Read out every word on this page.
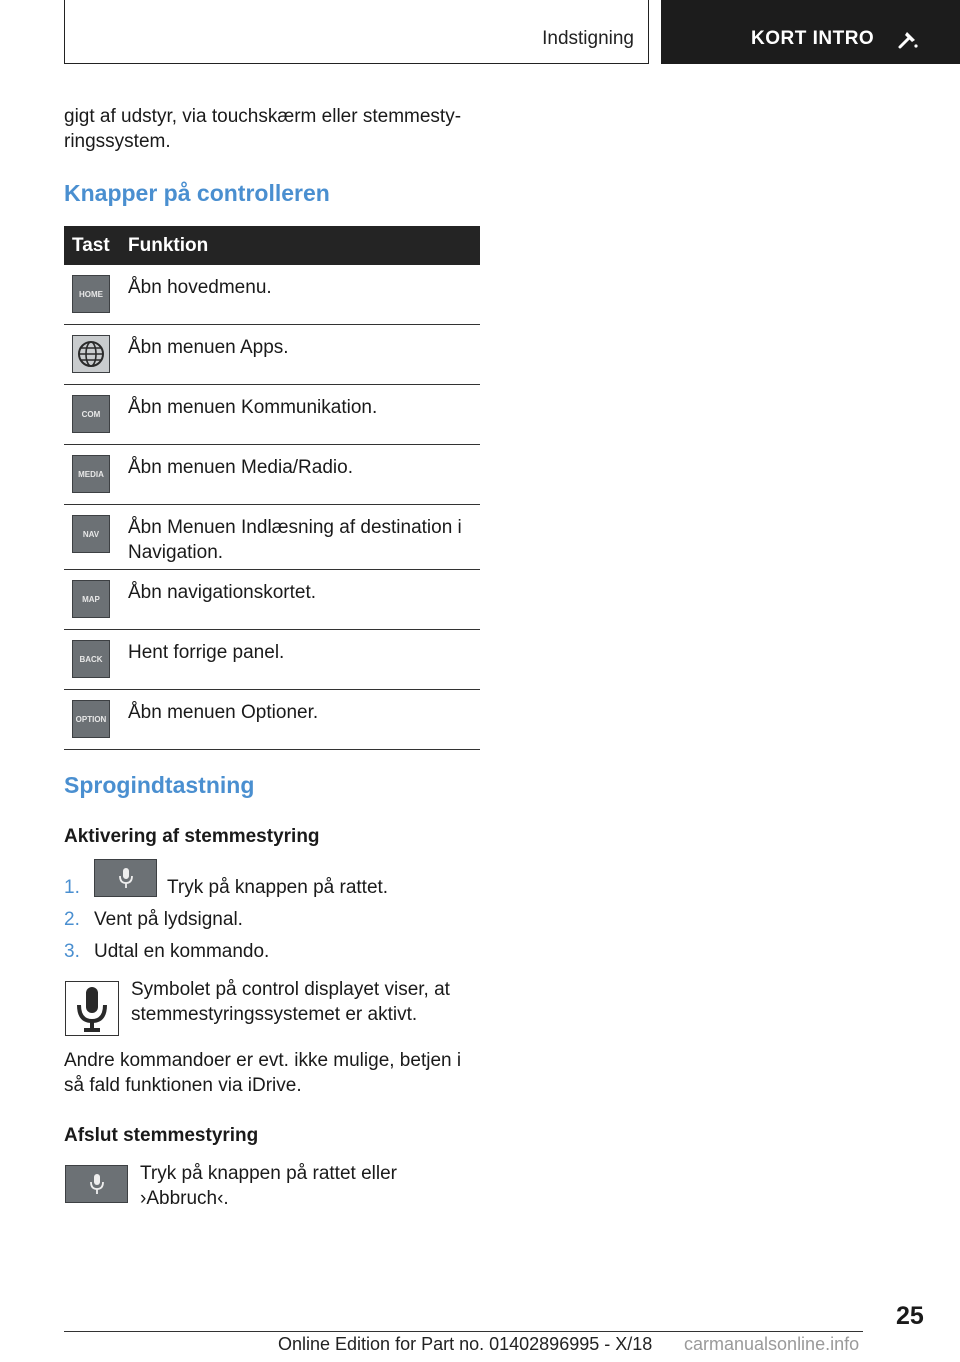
Indstigning	KORT INTRO
gigt af udstyr, via touchskærm eller stemmesty-ringssystem.
Knapper på controlleren
Tast Funktion
HOME	Åbn hovedmenu.
Åbn menuen Apps.
COM	Åbn menuen Kommunikation.
MEDIA	Åbn menuen Media/Radio.
NAV	Åbn Menuen Indlæsning af destination i Navigation.
MAP	Åbn navigationskortet.
BACK	Hent forrige panel.
OPTION Åbn menuen Optioner.
Sprogindtastning
Aktivering af stemmestyring
1.	Tryk på knappen på rattet.
2. Vent på lydsignal.
3. Udtal en kommando.
Symbolet på control displayet viser, at stemmestyringssystemet er aktivt.
Andre kommandoer er evt. ikke mulige, betjen i så fald funktionen via iDrive.
Afslut stemmestyring
Tryk på knappen på rattet eller ›Abbruch‹.
25
Online Edition for Part no. 01402896995 - X/18 carmanualsonline.info
